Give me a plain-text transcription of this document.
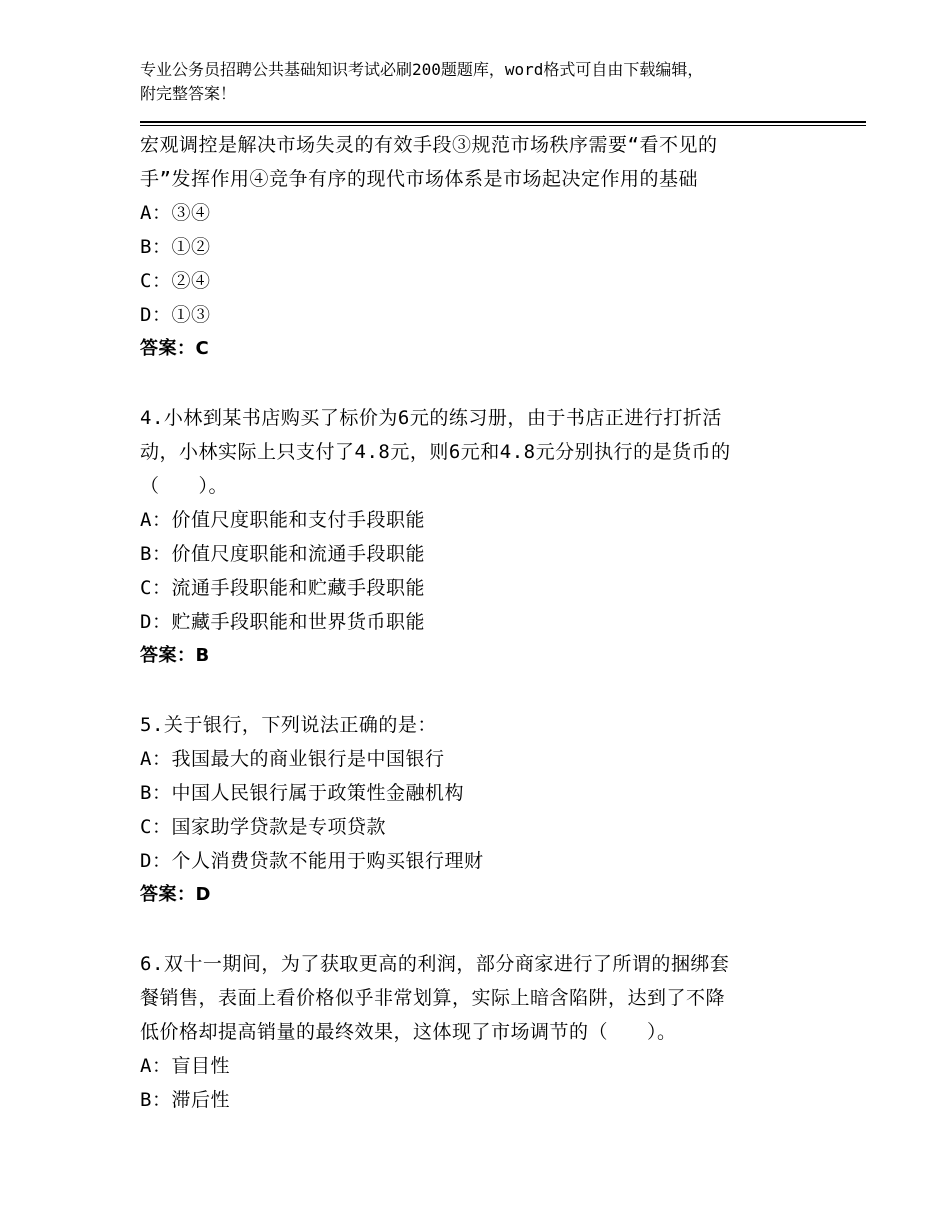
专业公务员招聘公共基础知识考试必刷200题题库，word格式可自由下载编辑，
附完整答案！
宏观调控是解决市场失灵的有效手段③规范市场秩序需要“看不见的
手”发挥作用④竞争有序的现代市场体系是市场起决定作用的基础
A：③④
B：①②
C：②④
D：①③
答案：C
4.小林到某书店购买了标价为6元的练习册，由于书店正进行打折活
动，小林实际上只支付了4.8元，则6元和4.8元分别执行的是货币的
（　　）。
A：价值尺度职能和支付手段职能
B：价值尺度职能和流通手段职能
C：流通手段职能和贮藏手段职能
D：贮藏手段职能和世界货币职能
答案：B
5.关于银行，下列说法正确的是：
A：我国最大的商业银行是中国银行
B：中国人民银行属于政策性金融机构
C：国家助学贷款是专项贷款
D：个人消费贷款不能用于购买银行理财
答案：D
6.双十一期间，为了获取更高的利润，部分商家进行了所谓的捆绑套
餐销售，表面上看价格似乎非常划算，实际上暗含陷阱，达到了不降
低价格却提高销量的最终效果，这体现了市场调节的（　　）。
A：盲目性
B：滞后性
